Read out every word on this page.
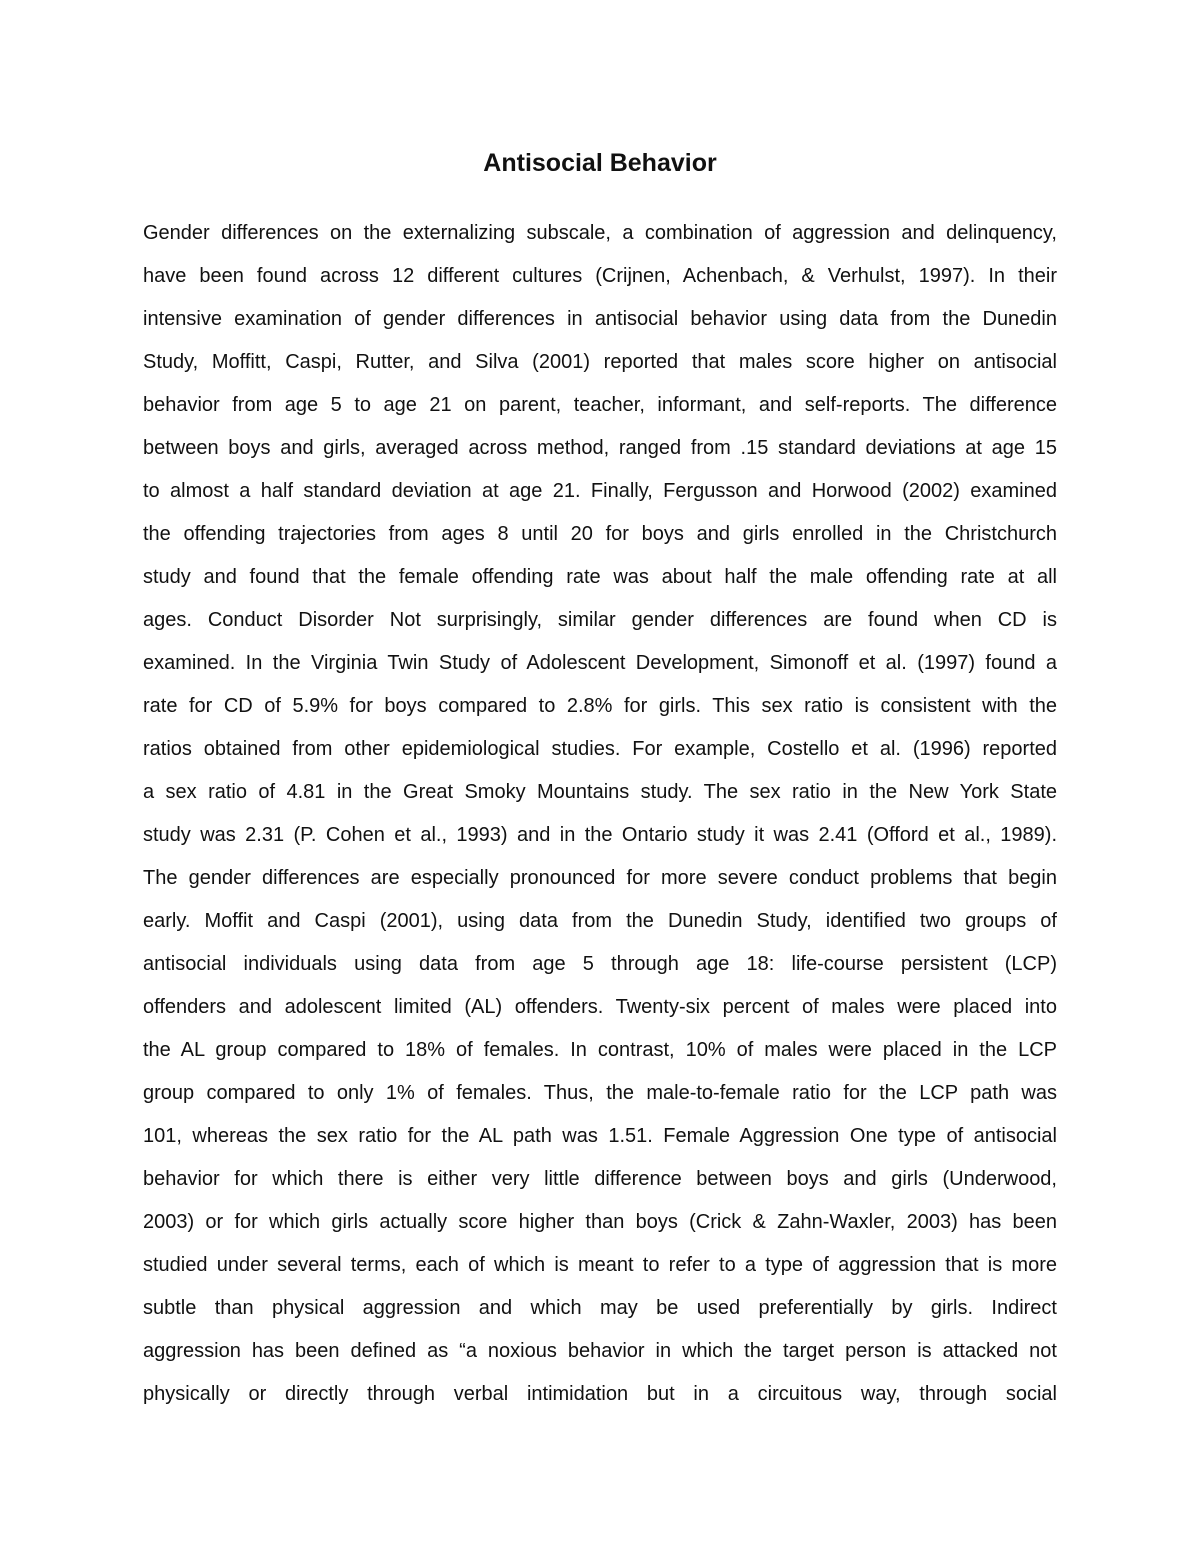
Antisocial Behavior
Gender differences on the externalizing subscale, a combination of aggression and delinquency,
have been found across 12 different cultures (Crijnen, Achenbach, & Verhulst, 1997). In their
intensive examination of gender differences in antisocial behavior using data from the Dunedin
Study, Moffitt, Caspi, Rutter, and Silva (2001) reported that males score higher on antisocial
behavior from age 5 to age 21 on parent, teacher, informant, and self-reports. The difference
between boys and girls, averaged across method, ranged from .15 standard deviations at age 15
to almost a half standard deviation at age 21. Finally, Fergusson and Horwood (2002) examined
the offending trajectories from ages 8 until 20 for boys and girls enrolled in the Christchurch
study and found that the female offending rate was about half the male offending rate at all
ages. Conduct Disorder Not surprisingly, similar gender differences are found when CD is
examined. In the Virginia Twin Study of Adolescent Development, Simonoff et al. (1997) found a
rate for CD of 5.9% for boys compared to 2.8% for girls. This sex ratio is consistent with the
ratios obtained from other epidemiological studies. For example, Costello et al. (1996) reported
a sex ratio of 4.81 in the Great Smoky Mountains study. The sex ratio in the New York State
study was 2.31 (P. Cohen et al., 1993) and in the Ontario study it was 2.41 (Offord et al., 1989).
The gender differences are especially pronounced for more severe conduct problems that begin
early. Moffit and Caspi (2001), using data from the Dunedin Study, identified two groups of
antisocial individuals using data from age 5 through age 18: life-course persistent (LCP)
offenders and adolescent limited (AL) offenders. Twenty-six percent of males were placed into
the AL group compared to 18% of females. In contrast, 10% of males were placed in the LCP
group compared to only 1% of females. Thus, the male-to-female ratio for the LCP path was
101, whereas the sex ratio for the AL path was 1.51. Female Aggression One type of antisocial
behavior for which there is either very little difference between boys and girls (Underwood,
2003) or for which girls actually score higher than boys (Crick & Zahn-Waxler, 2003) has been
studied under several terms, each of which is meant to refer to a type of aggression that is more
subtle than physical aggression and which may be used preferentially by girls. Indirect
aggression has been defined as “a noxious behavior in which the target person is attacked not
physically or directly through verbal intimidation but in a circuitous way, through social
